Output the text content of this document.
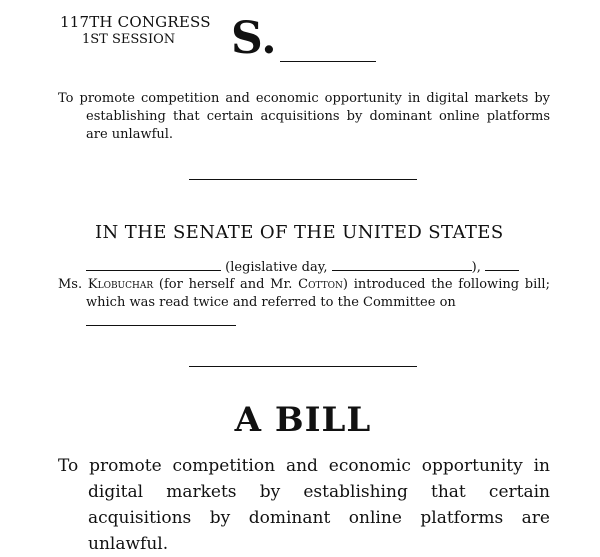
117TH CONGRESS
1ST SESSION S.
To promote competition and economic opportunity in digital markets by establishing that certain acquisitions by dominant online platforms are unlawful.
IN THE SENATE OF THE UNITED STATES
(legislative day,	),
Ms. Klobuchar (for herself and Mr. Cotton) introduced the following bill; which was read twice and referred to the Committee on
A BILL
To promote competition and economic opportunity in digital markets by establishing that certain acquisitions by dominant online platforms are unlawful.
